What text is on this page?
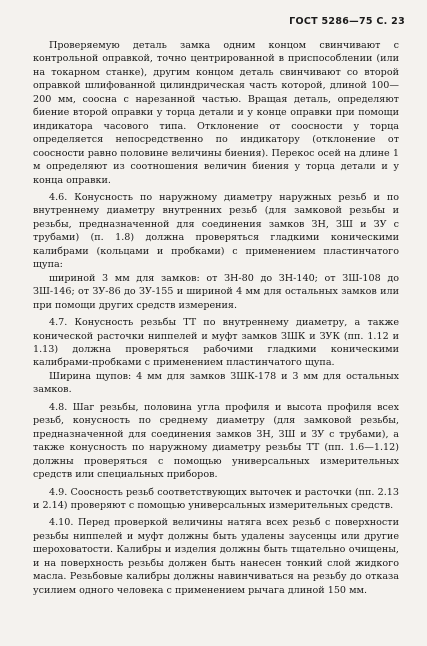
ГОСТ 5286—75 С. 23

Проверяемую деталь замка одним концом свинчивают с контрольной оправкой, точно центрированной в приспособлении (или на токарном станке), другим концом деталь свинчивают со второй оправкой шлифованной цилиндрическая часть которой, длиной 100—200 мм, соосна с нарезанной частью. Вращая деталь, определяют биение второй оправки у торца детали и у конце оправки при помощи индикатора часового типа. Отклонение от соосности у торца определяется непосредственно по индикатору (отклонение от соосности равно половине величины биения). Перекос осей на длине 1 м определяют из соотношения величин биения у торца детали и у конца оправки.

4.6. Конусность по наружному диаметру наружных резьб и по внутреннему диаметру внутренних резьб (для замковой резьбы и резьбы, предназначенной для соединения замков ЗН, ЗШ и ЗУ с трубами) (п. 1.8) должна проверяться гладкими коническими калибрами (кольцами и пробками) с применением пластинчатого щупа:

шириной 3 мм для замков: от ЗН-80 до ЗН-140; от ЗШ-108 до ЗШ-146; от ЗУ-86 до ЗУ-155 и шириной 4 мм для остальных замков или при помощи других средств измерения.

4.7. Конусность резьбы ТТ по внутреннему диаметру, а также конической расточки ниппелей и муфт замков ЗШК и ЗУК (пп. 1.12 и 1.13) должна проверяться рабочими гладкими коническими калибрами-пробками с применением пластинчатого щупа.

Ширина щупов: 4 мм для замков ЗШК-178 и 3 мм для остальных замков.

4.8. Шаг резьбы, половина угла профиля и высота профиля всех резьб, конусность по среднему диаметру (для замковой резьбы, предназначенной для соединения замков ЗН, ЗШ и ЗУ с трубами), а также конусность по наружному диаметру резьбы ТТ (пп. 1.6—1.12) должны проверяться с помощью универсальных измерительных средств или специальных приборов.

4.9. Соосность резьб соответствующих выточек и расточки (пп. 2.13 и 2.14) проверяют с помощью универсальных измерительных средств.

4.10. Перед проверкой величины натяга всех резьб с поверхности резьбы ниппелей и муфт должны быть удалены заусенцы или другие шероховатости. Калибры и изделия должны быть тщательно очищены, и на поверхность резьбы должен быть нанесен тонкий слой жидкого масла. Резьбовые калибры должны навинчиваться на резьбу до отказа усилием одного человека с применением рычага длиной 150 мм.
